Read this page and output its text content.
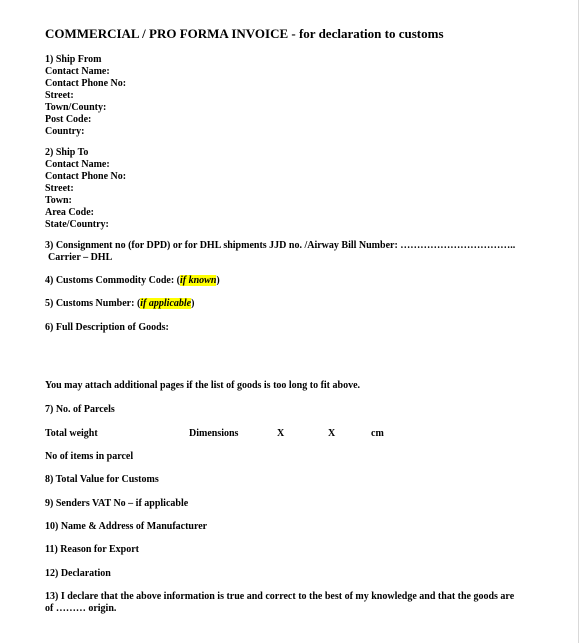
COMMERCIAL / PRO FORMA INVOICE - for declaration to customs
1) Ship From
Contact Name:
Contact Phone No:
Street:
Town/County:
Post Code:
Country:
2) Ship To
Contact Name:
Contact Phone No:
Street:
Town:
Area Code:
State/Country:
3) Consignment no (for DPD) or for DHL shipments JJD no. /Airway Bill Number: ……………………………..
Carrier – DHL
4) Customs Commodity Code: (if known)
5) Customs Number: (if applicable)
6) Full Description of Goods:
You may attach additional pages if the list of goods is too long to fit above.
7) No. of Parcels
Total weight	Dimensions	X	X	cm
No of items in parcel
8) Total Value for Customs
9) Senders VAT No – if applicable
10) Name & Address of Manufacturer
11) Reason for Export
12) Declaration
13) I declare that the above information is true and correct to the best of my knowledge and that the goods are
of ……… origin.
